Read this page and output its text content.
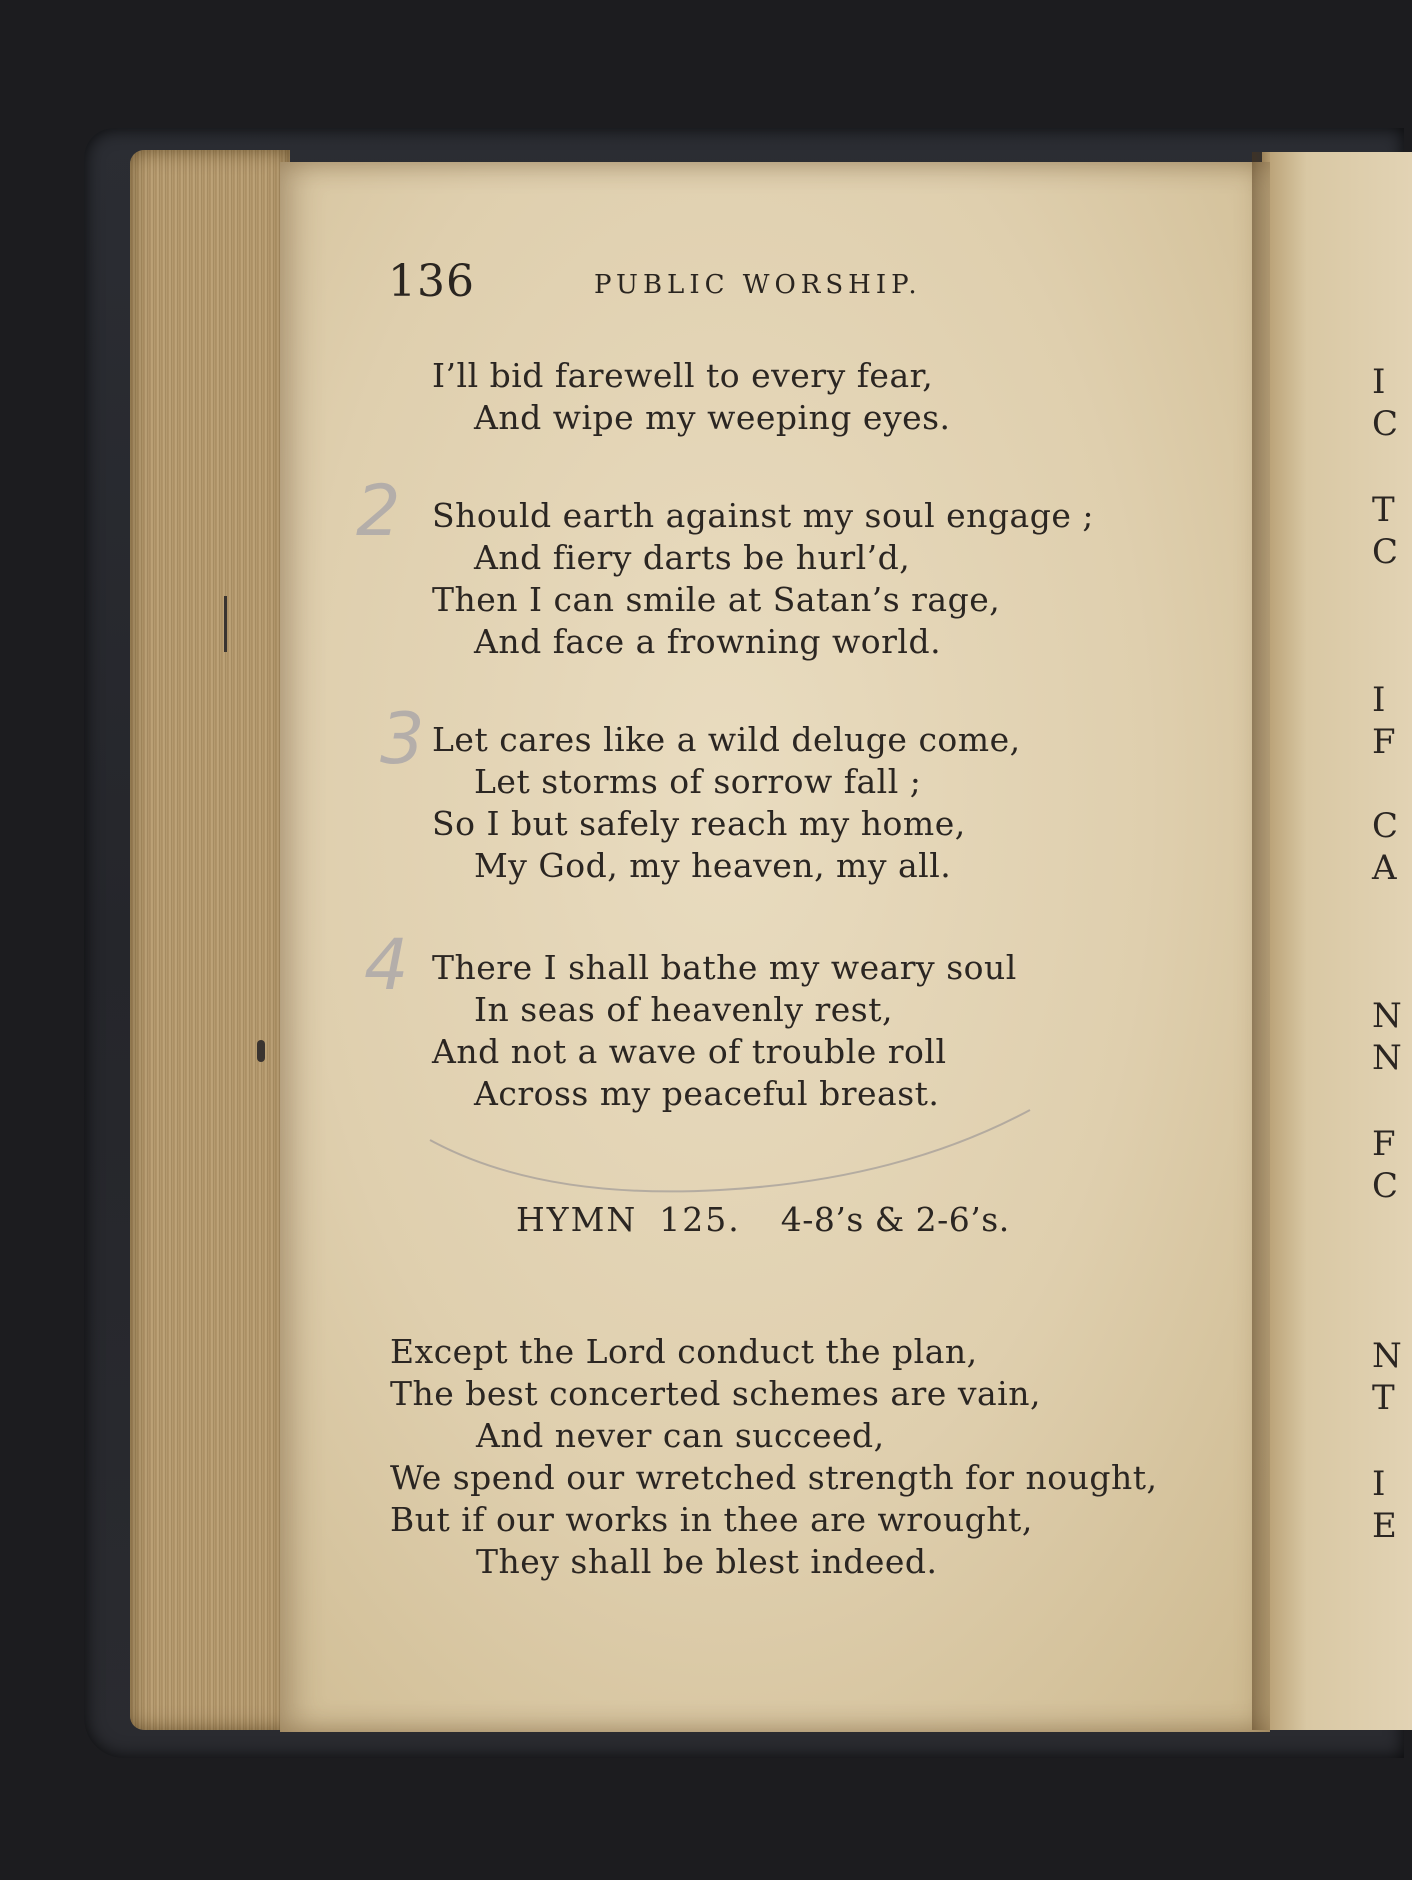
136	PUBLIC WORSHIP.
I’ll bid farewell to every fear,
And wipe my weeping eyes.
2 Should earth against my soul engage ;
And fiery darts be hurl’d,
Then I can smile at Satan’s rage,
And face a frowning world.
3 Let cares like a wild deluge come,
Let storms of sorrow fall ;
So I but safely reach my home,
My God, my heaven, my all.
4 There I shall bathe my weary soul
In seas of heavenly rest,
And not a wave of trouble roll
Across my peaceful breast.
HYMN 125. 4-8’s & 2-6’s.
Except the Lord conduct the plan,
The best concerted schemes are vain,
And never can succeed,
We spend our wretched strength for nought,
But if our works in thee are wrought,
They shall be blest indeed.
I
C
T
C
I
F
C
A
N
N
F
C
N
T
I
E
